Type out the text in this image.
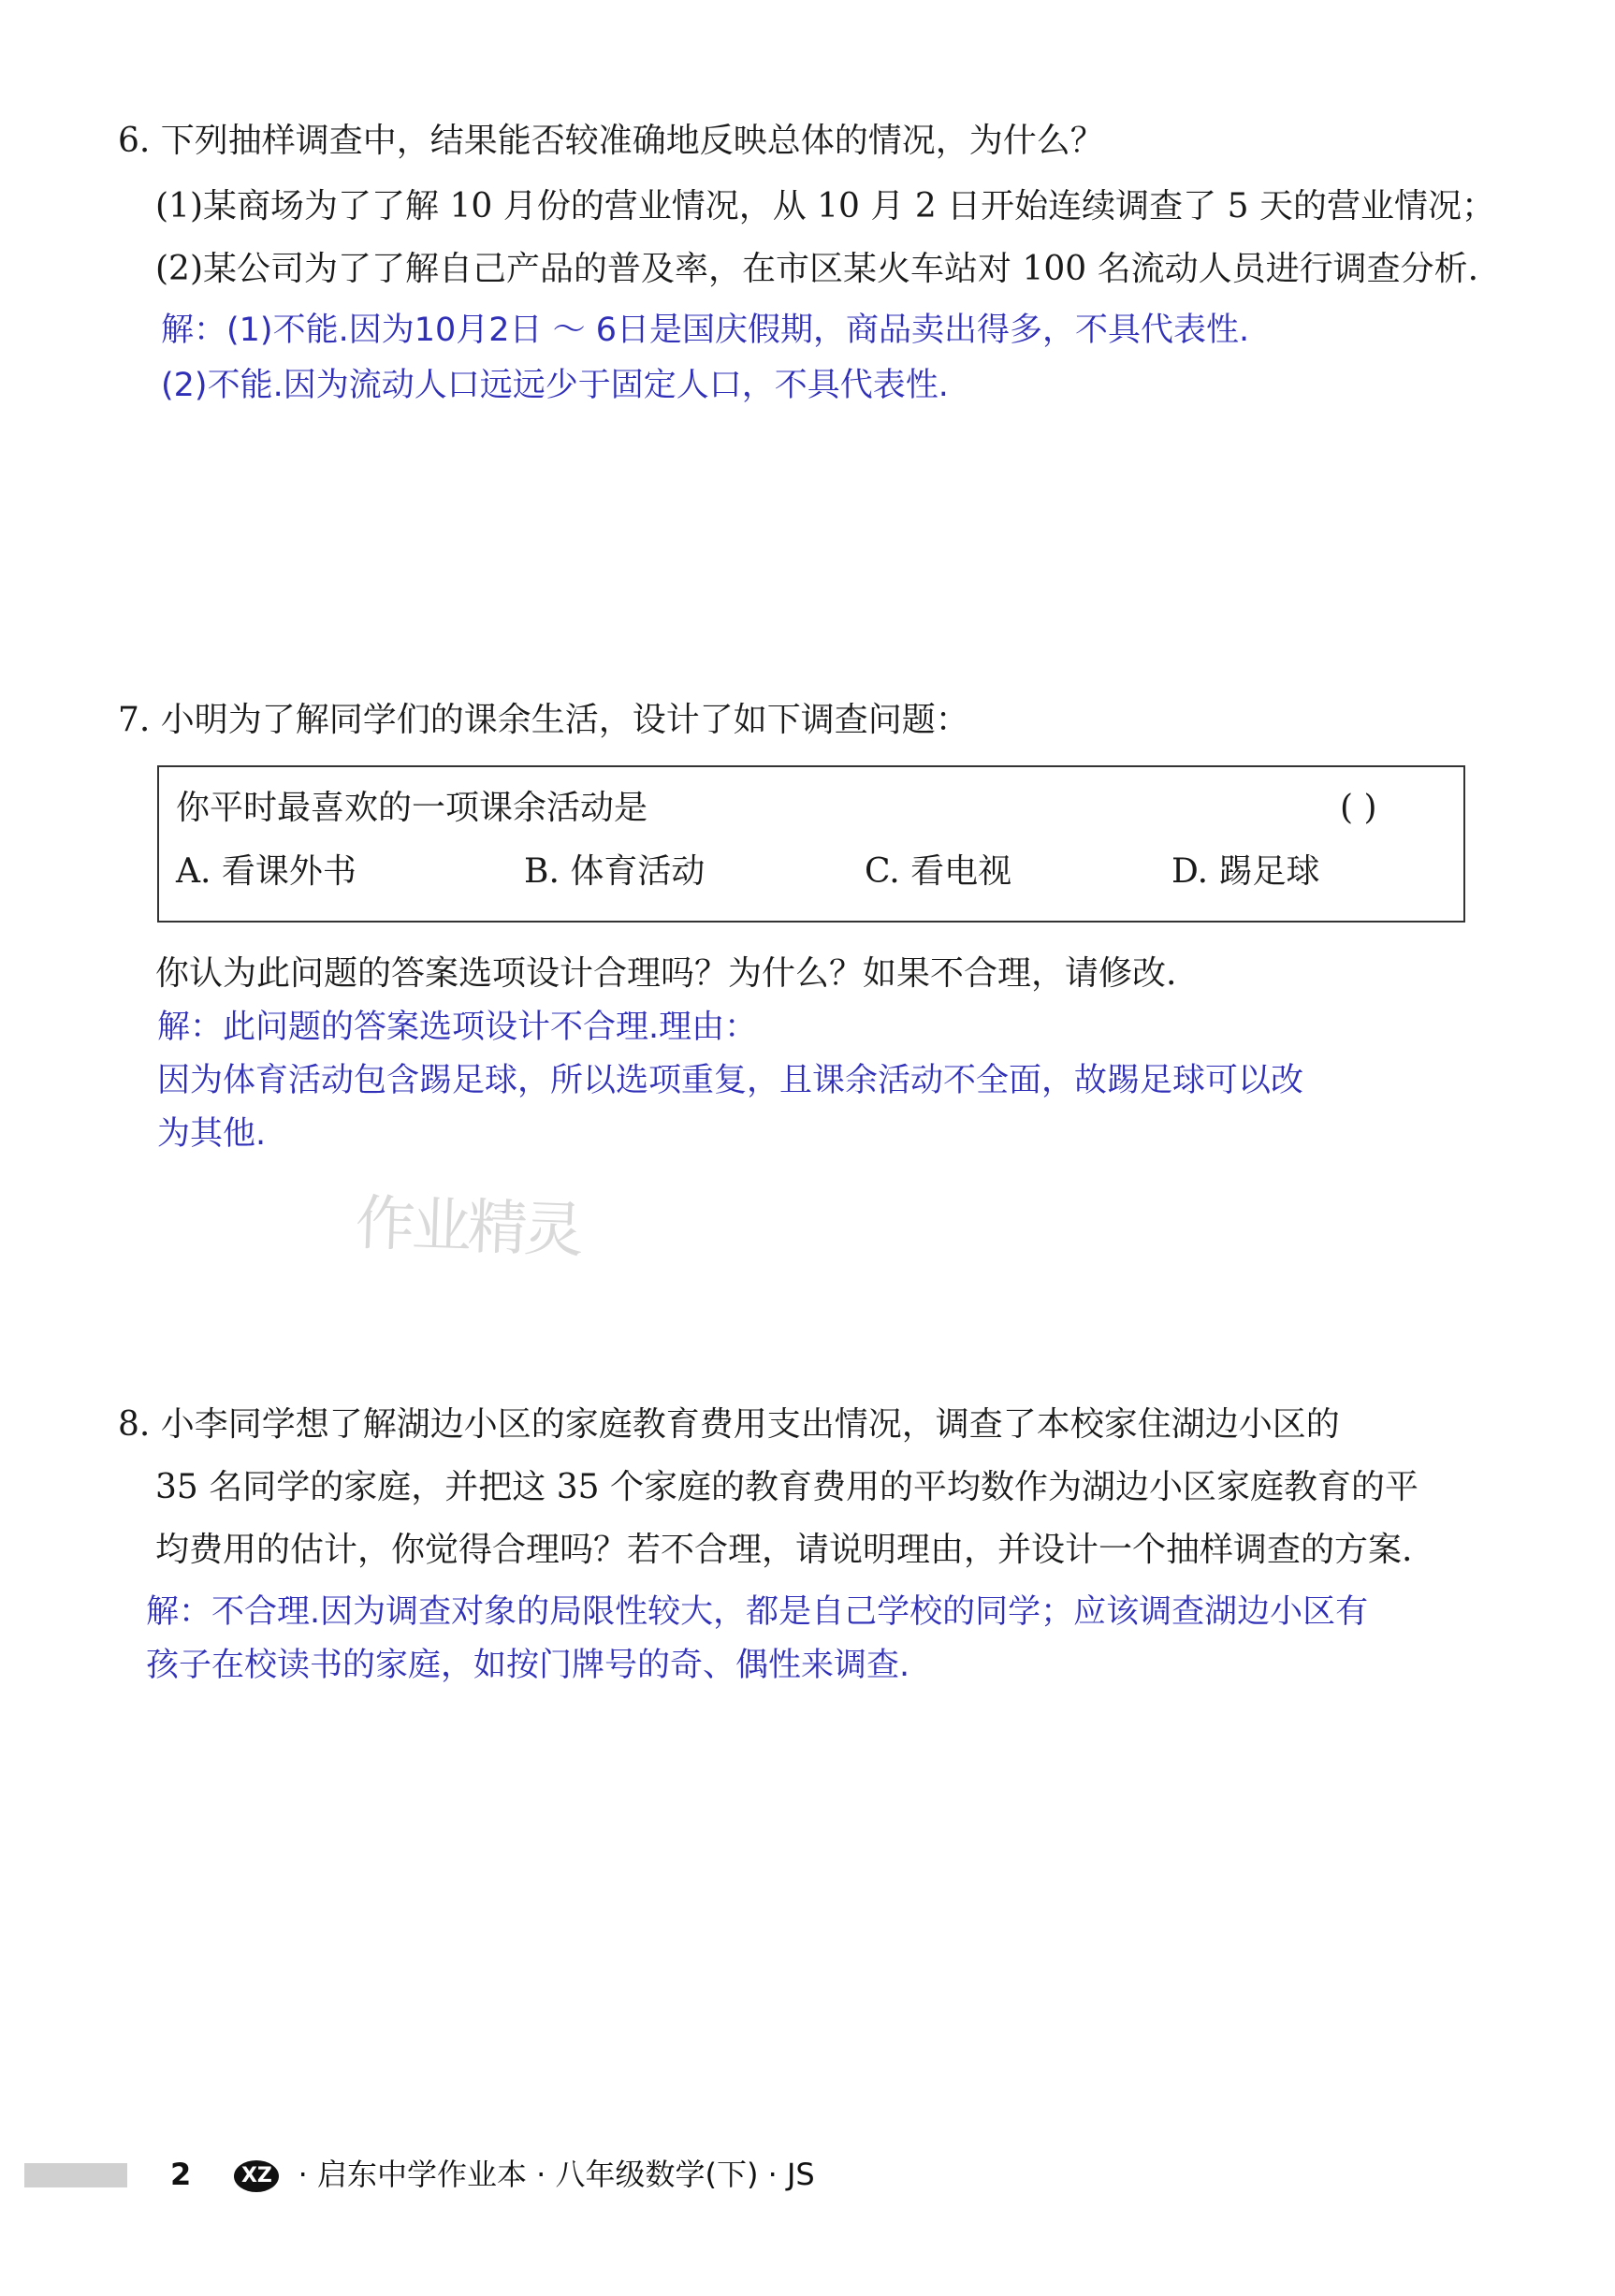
6. 下列抽样调查中，结果能否较准确地反映总体的情况，为什么？
(1)某商场为了了解 10 月份的营业情况，从 10 月 2 日开始连续调查了 5 天的营业情况；
(2)某公司为了了解自己产品的普及率，在市区某火车站对 100 名流动人员进行调查分析.
解：(1)不能.因为10月2日 ～ 6日是国庆假期，商品卖出得多，不具代表性.
(2)不能.因为流动人口远远少于固定人口，不具代表性.
7. 小明为了解同学们的课余生活，设计了如下调查问题：
你平时最喜欢的一项课余活动是	( )
A. 看课外书	B. 体育活动	C. 看电视	D. 踢足球
你认为此问题的答案选项设计合理吗？为什么？如果不合理，请修改.
解：此问题的答案选项设计不合理.理由：
因为体育活动包含踢足球，所以选项重复，且课余活动不全面，故踢足球可以改
为其他.
作业精灵
8. 小李同学想了解湖边小区的家庭教育费用支出情况，调查了本校家住湖边小区的
35 名同学的家庭，并把这 35 个家庭的教育费用的平均数作为湖边小区家庭教育的平
均费用的估计，你觉得合理吗？若不合理，请说明理由，并设计一个抽样调查的方案.
解：不合理.因为调查对象的局限性较大，都是自己学校的同学；应该调查湖边小区有
孩子在校读书的家庭，如按门牌号的奇、偶性来调查.
2 XZ · 启东中学作业本 · 八年级数学(下) · JS
